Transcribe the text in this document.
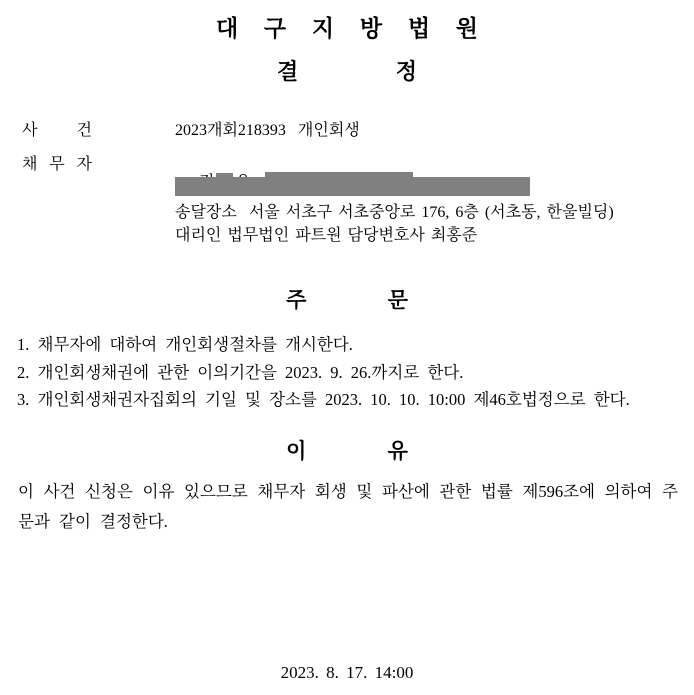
대 구 지 방 법 원
결 정
사 건	2023개회218393  개인회생
채 무 자

송달장소  서울 서초구 서초중앙로 176, 6층 (서초동, 한울빌딩)
대리인 법무법인 파트원 담당변호사 최홍준
주 문
1. 채무자에 대하여 개인회생절차를 개시한다.
2. 개인회생채권에 관한 이의기간을 2023. 9. 26.까지로 한다.
3. 개인회생채권자집회의 기일 및 장소를 2023. 10. 10. 10:00 제46호법정으로 한다.
이 유
이 사건 신청은 이유 있으므로 채무자 회생 및 파산에 관한 법률 제596조에 의하여 주문과 같이 결정한다.
2023. 8. 17. 14:00
